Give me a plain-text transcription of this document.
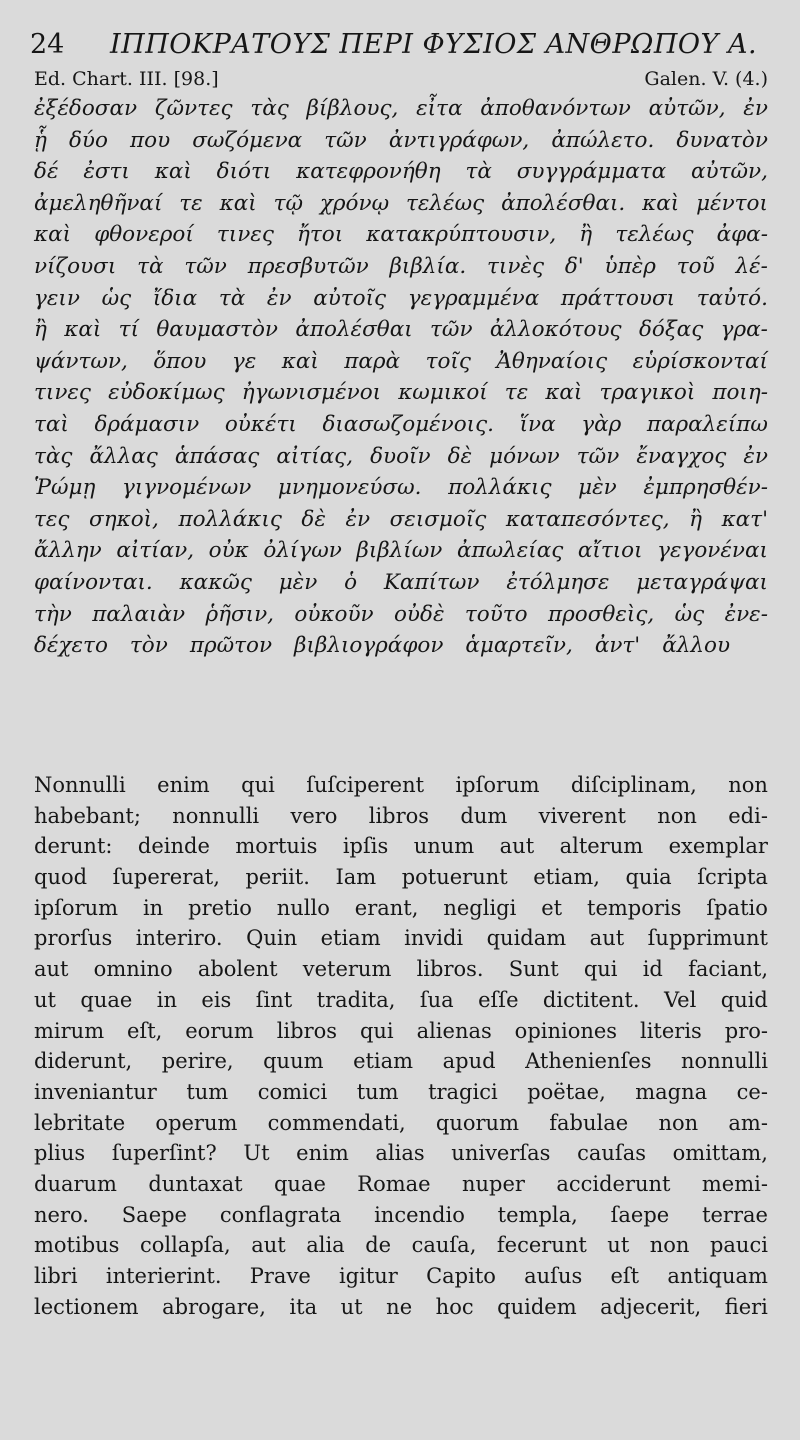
24 ΙΠΠΟΚΡΑΤΟΥΣ ΠΕΡΙ ΦΥΣΙΟΣ ΑΝΘΡΩΠΟΥ Α.
Ed. Chart. III. [98.]	Galen. V. (4.)
ἐξέδοσαν ζῶντες τὰς βίβλους, εἶτα ἀποθανόντων αὐτῶν, ἐν
ᾗ δύο που σωζόμενα τῶν ἀντιγράφων, ἀπώλετο. δυνατὸν
δέ ἐστι καὶ διότι κατεφρονήθη τὰ συγγράμματα αὐτῶν,
ἀμεληθῆναί τε καὶ τῷ χρόνῳ τελέως ἀπολέσθαι. καὶ μέντοι
καὶ φθονεροί τινες ἤτοι κατακρύπτουσιν, ἢ τελέως ἀφα-
νίζουσι τὰ τῶν πρεσβυτῶν βιβλία. τινὲς δ' ὑπὲρ τοῦ λέ-
γειν ὡς ἴδια τὰ ἐν αὐτοῖς γεγραμμένα πράττουσι ταὐτό.
ἢ καὶ τί θαυμαστὸν ἀπολέσθαι τῶν ἀλλοκότους δόξας γρα-
ψάντων, ὅπου γε καὶ παρὰ τοῖς Ἀθηναίοις εὑρίσκονταί
τινες εὐδοκίμως ἠγωνισμένοι κωμικοί τε καὶ τραγικοὶ ποιη-
ταὶ δράμασιν οὐκέτι διασωζομένοις. ἵνα γὰρ παραλείπω
τὰς ἄλλας ἁπάσας αἰτίας, δυοῖν δὲ μόνων τῶν ἔναγχος ἐν
Ῥώμῃ γιγνομένων μνημονεύσω. πολλάκις μὲν ἐμπρησθέν-
τες σηκοὶ, πολλάκις δὲ ἐν σεισμοῖς καταπεσόντες, ἢ κατ'
ἄλλην αἰτίαν, οὐκ ὀλίγων βιβλίων ἀπωλείας αἴτιοι γεγονέναι
φαίνονται. κακῶς μὲν ὁ Καπίτων ἐτόλμησε μεταγράψαι
τὴν παλαιὰν ῥῆσιν, οὐκοῦν οὐδὲ τοῦτο προσθεὶς, ὡς ἐνε-
δέχετο τὸν πρῶτον βιβλιογράφον ἁμαρτεῖν, ἀντ' ἄλλου
Nonnulli enim qui ſuſciperent ipſorum diſciplinam, non
habebant; nonnulli vero libros dum viverent non edi-
derunt: deinde mortuis ipſis unum aut alterum exemplar
quod ſupererat, periit. Iam potuerunt etiam, quia ſcripta
ipſorum in pretio nullo erant, negligi et temporis ſpatio
prorſus interiro. Quin etiam invidi quidam aut ſupprimunt
aut omnino abolent veterum libros. Sunt qui id faciant,
ut quae in eis ſint tradita, ſua eſſe dictitent. Vel quid
mirum eſt, eorum libros qui alienas opiniones literis pro-
diderunt, perire, quum etiam apud Athenienſes nonnulli
inveniantur tum comici tum tragici poëtae, magna ce-
lebritate operum commendati, quorum fabulae non am-
plius ſuperſint? Ut enim alias univerſas cauſas omittam,
duarum duntaxat quae Romae nuper acciderunt memi-
nero. Saepe conflagrata incendio templa, ſaepe terrae
motibus collapſa, aut alia de cauſa, fecerunt ut non pauci
libri interierint. Prave igitur Capito auſus eſt antiquam
lectionem abrogare, ita ut ne hoc quidem adjecerit, fieri
